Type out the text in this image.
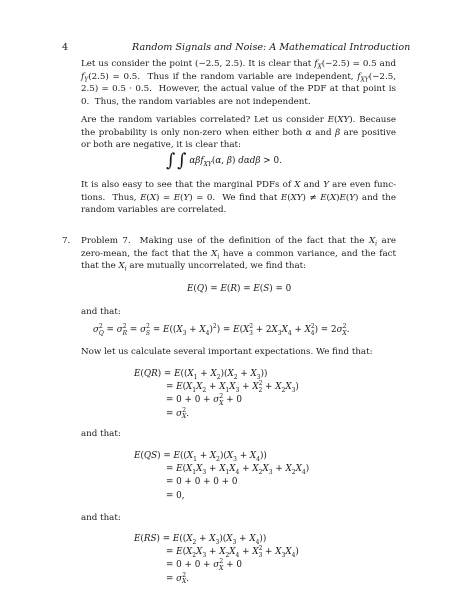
4	Random Signals and Noise: A Mathematical Introduction
Let us consider the point (−2.5, 2.5). It is clear that $f_X(-2.5) = 0.5$ and $f_Y(2.5) = 0.5$.  Thus if the random variable are independent, $f_{XY}(-2.5$, 2.5) = 0.5 · 0.5.  However, the actual value of the PDF at that point is 0.  Thus, the random variables are not independent.
Are the random variables correlated? Let us consider E(XY). Because the probability is only non-zero when either both α and β are positive or both are negative, it is clear that:
∫ ∫ αβf$_{XY}$(α, β) dαdβ > 0.
It is also easy to see that the marginal PDFs of X and Y are even func- tions.  Thus, E(X) = E(Y) = 0.  We find that E(XY) ≠ E(X)E(Y) and the random variables are correlated.
7. Problem 7.  Making use of the definition of the fact that the $X_i$ are zero-mean, the fact that the $X_i$ have a common variance, and the fact that the $X_i$ are mutually uncorrelated, we find that:
E(Q) = E(R) = E(S) = 0
and that:
$\sigma^2_Q = \sigma^2_R = \sigma^2_S = E((X_3 + X_4)^2) = E(X^2_3 + 2X_3X_4 + X^2_4) = 2\sigma^2_X$.
Now let us calculate several important expectations. We find that:
$E(QR) = E((X_1 + X_2)(X_2 + X_3))$
= $E(X_1X_2 + X_1X_3 + X^2_2 + X_2X_3)$
= $0 + 0 + \sigma^2_X + 0$
= $\sigma^2_X$.
and that:
$E(QS) = E((X_1 + X_2)(X_3 + X_4))$
= $E(X_1X_3 + X_1X_4 + X_2X_3 + X_2X_4)$
= 0 + 0 + 0 + 0
= 0,
and that:
$E(RS) = E((X_2 + X_3)(X_3 + X_4))$
= $E(X_2X_3 + X_2X_4 + X^2_3 + X_3X_4)$
= $0 + 0 + \sigma^2_X + 0$
= $\sigma^2_X$.
